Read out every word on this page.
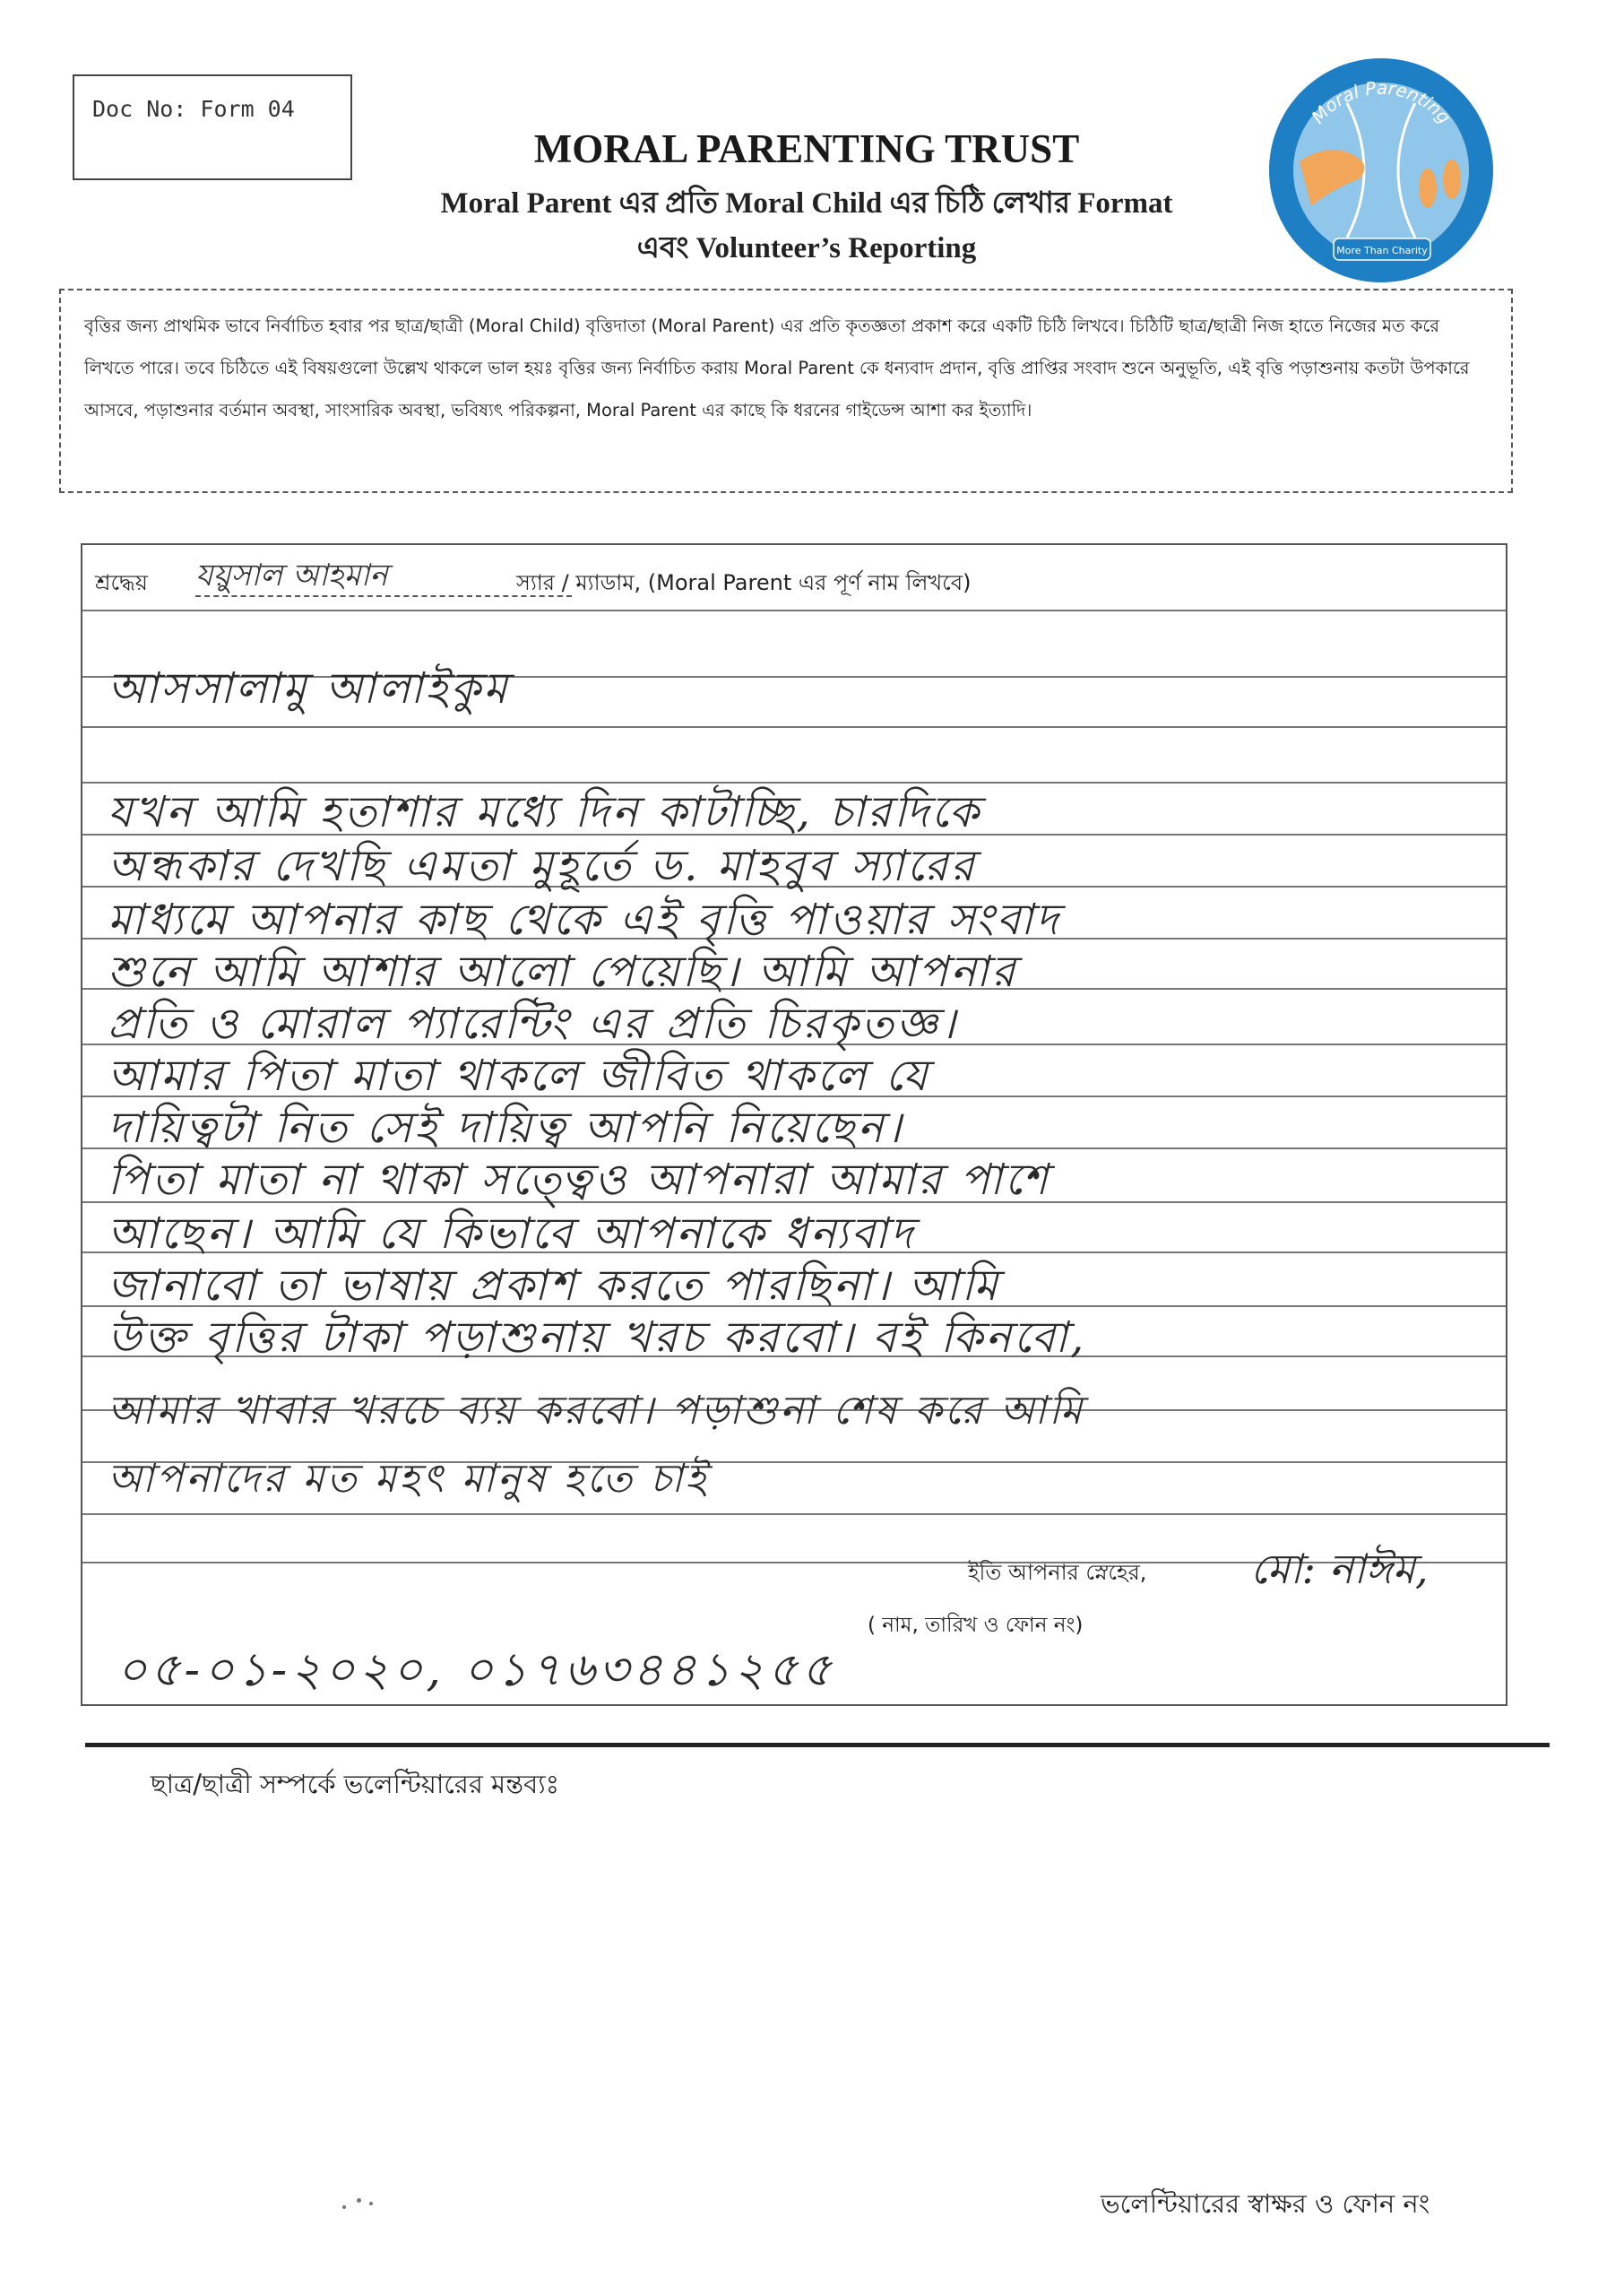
Doc No: Form 04
MORAL PARENTING TRUST
Moral Parent এর প্রতি Moral Child এর চিঠি লেখার Format
এবং Volunteer’s Reporting
Moral Parenting
More Than Charity
বৃত্তির জন্য প্রাথমিক ভাবে নির্বাচিত হবার পর ছাত্র/ছাত্রী (Moral Child) বৃত্তিদাতা (Moral Parent) এর প্রতি কৃতজ্ঞতা প্রকাশ করে একটি চিঠি লিখবে। চিঠিটি ছাত্র/ছাত্রী নিজ হাতে নিজের মত করে লিখতে পারে। তবে চিঠিতে এই বিষয়গুলো উল্লেখ থাকলে ভাল হয়ঃ বৃত্তির জন্য নির্বাচিত করায় Moral Parent কে ধন্যবাদ প্রদান, বৃত্তি প্রাপ্তির সংবাদ শুনে অনুভূতি, এই বৃত্তি পড়াশুনায় কতটা উপকারে আসবে, পড়াশুনার বর্তমান অবস্থা, সাংসারিক অবস্থা, ভবিষ্যৎ পরিকল্পনা, Moral Parent এর কাছে কি ধরনের গাইডেন্স আশা কর ইত্যাদি।
শ্রদ্ধেয় যয়ুসাল আহমান	স্যার / ম্যাডাম, (Moral Parent এর পূর্ণ নাম লিখবে)
আসসালামু আলাইকুম
যখন আমি হতাশার মধ্যে দিন কাটাচ্ছি, চারদিকে
অন্ধকার দেখছি এমতা মুহূর্তে ড. মাহবুব স্যারের
মাধ্যমে আপনার কাছ থেকে এই বৃত্তি পাওয়ার সংবাদ
শুনে আমি আশার আলো পেয়েছি। আমি আপনার
প্রতি ও মোরাল প্যারেন্টিং এর প্রতি চিরকৃতজ্ঞ।
আমার পিতা মাতা থাকলে জীবিত থাকলে যে
দায়িত্বটা নিত সেই দায়িত্ব আপনি নিয়েছেন।
পিতা মাতা না থাকা সত্ত্বেও আপনারা আমার পাশে
আছেন। আমি যে কিভাবে আপনাকে ধন্যবাদ
জানাবো তা ভাষায় প্রকাশ করতে পারছিনা। আমি
উক্ত বৃত্তির টাকা পড়াশুনায় খরচ করবো। বই কিনবো,
আমার খাবার খরচে ব্যয় করবো। পড়াশুনা শেষ করে আমি
আপনাদের মত মহৎ মানুষ হতে চাই
ইতি আপনার স্নেহের,	মো: নাঈম,
( নাম, তারিখ ও ফোন নং)
০৫-০১-২০২০, ০১৭৬৩৪৪১২৫৫
ছাত্র/ছাত্রী সম্পর্কে ভলেন্টিয়ারের মন্তব্যঃ
ভলেন্টিয়ারের স্বাক্ষর ও ফোন নং
